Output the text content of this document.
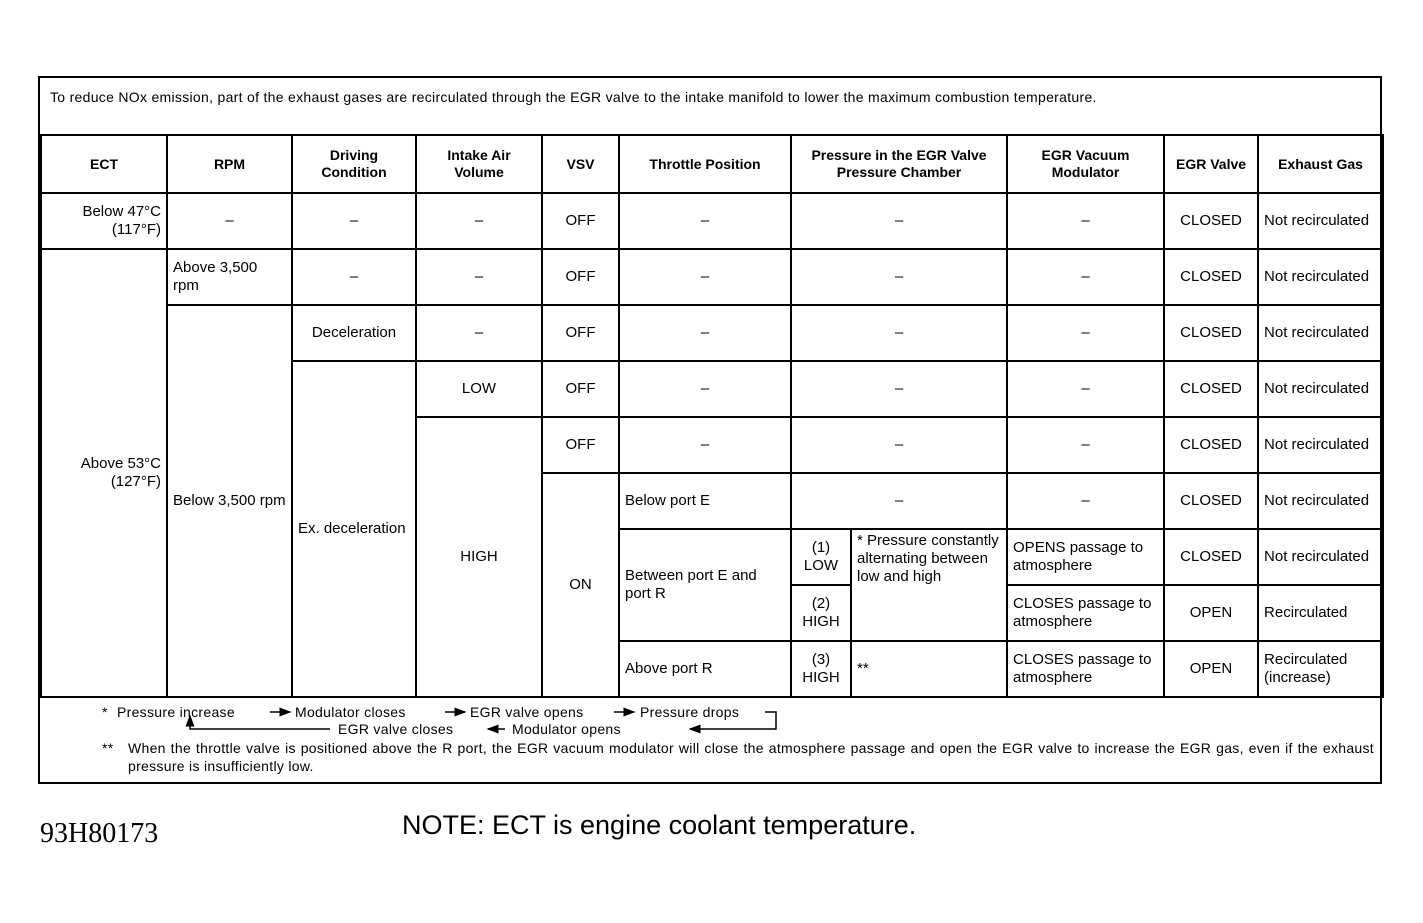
To reduce NOx emission, part of the exhaust gases are recirculated through the EGR valve to the intake manifold to lower the maximum combustion temperature.
ECT	RPM	Driving Condition	Intake Air Volume	VSV	Throttle Position	Pressure in the EGR Valve Pressure Chamber		EGR Vacuum Modulator	EGR Valve	Exhaust Gas
Below 47°C (117°F)	–	–	–	OFF	–	–		–	CLOSED	Not recirculated
Above 53°C (127°F)	Above 3,500 rpm	–	–	OFF	–	–		–	CLOSED	Not recirculated
	Below 3,500 rpm	Deceleration	–	OFF	–	–		–	CLOSED	Not recirculated
		Ex. deceleration	LOW	OFF	–	–		–	CLOSED	Not recirculated
			HIGH	OFF	–	–		–	CLOSED	Not recirculated
				ON	Below port E	–		–	CLOSED	Not recirculated
					Between port E and port R	(1) LOW	* Pressure constantly alternating between low and high	OPENS passage to atmosphere	CLOSED	Not recirculated
						(2) HIGH		CLOSES passage to atmosphere	OPEN	Recirculated
					Above port R	(3) HIGH	**	CLOSES passage to atmosphere	OPEN	Recirculated (increase)
* Pressure increase	Modulator closes	EGR valve opens	Pressure drops
EGR valve closes	Modulator opens
** When the throttle valve is positioned above the R port, the EGR vacuum modulator will close the atmosphere passage and open the EGR valve to increase the EGR gas, even if the exhaust pressure is insufficiently low.
93H80173	NOTE: ECT is engine coolant temperature.
